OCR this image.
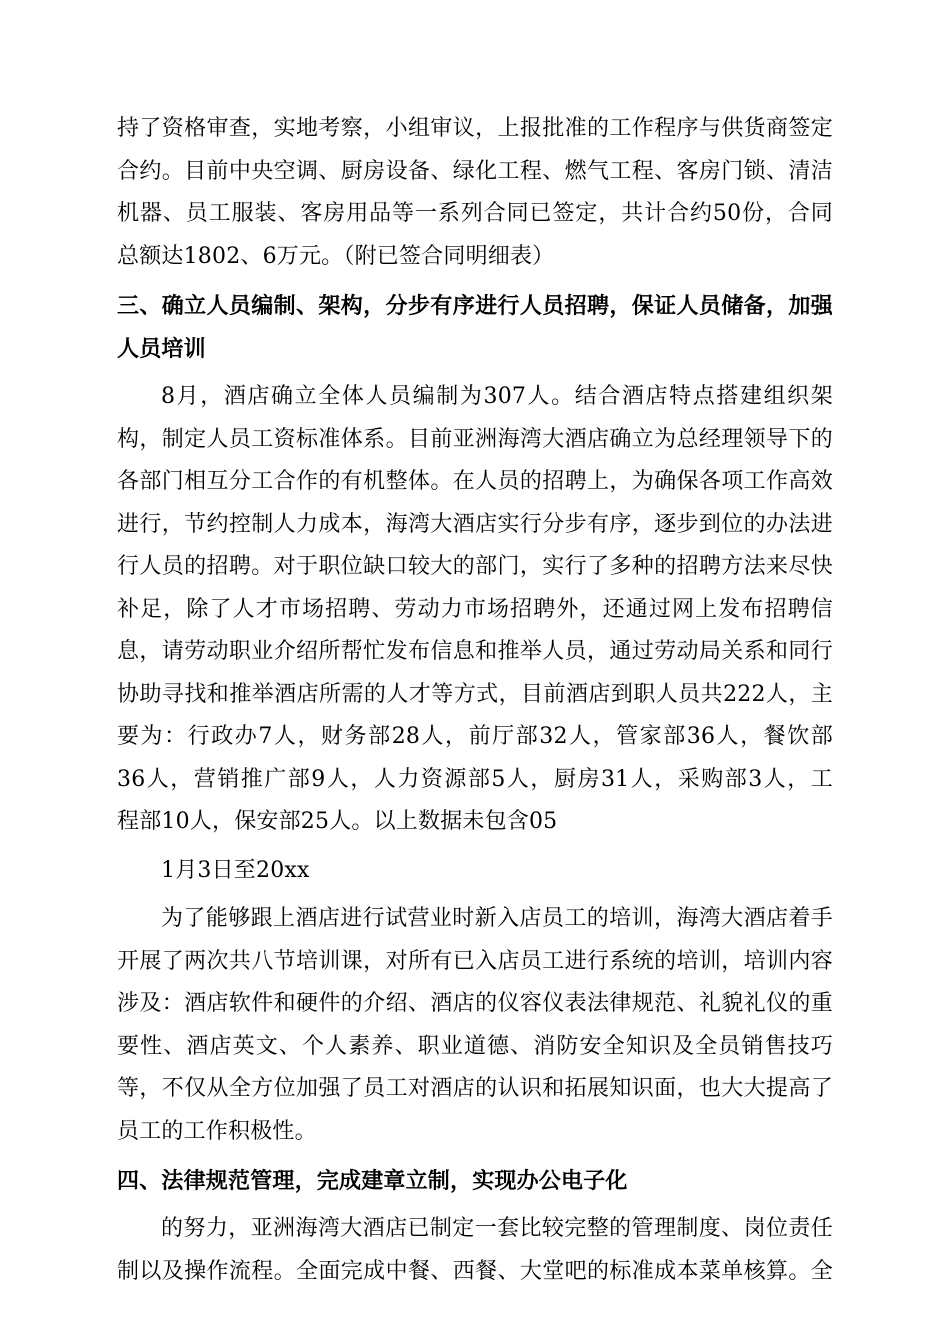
持了资格审查，实地考察，小组审议，上报批准的工作程序与供货商签定
合约。目前中央空调、厨房设备、绿化工程、燃气工程、客房门锁、清洁
机器、员工服装、客房用品等一系列合同已签定，共计合约50份，合同
总额达1802、6万元。（附已签合同明细表）
三、确立人员编制、架构，分步有序进行人员招聘，保证人员储备，加强
人员培训
8月，酒店确立全体人员编制为307人。结合酒店特点搭建组织架
构，制定人员工资标准体系。目前亚洲海湾大酒店确立为总经理领导下的
各部门相互分工合作的有机整体。在人员的招聘上，为确保各项工作高效
进行，节约控制人力成本，海湾大酒店实行分步有序，逐步到位的办法进
行人员的招聘。对于职位缺口较大的部门，实行了多种的招聘方法来尽快
补足，除了人才市场招聘、劳动力市场招聘外，还通过网上发布招聘信
息，请劳动职业介绍所帮忙发布信息和推举人员，通过劳动局关系和同行
协助寻找和推举酒店所需的人才等方式，目前酒店到职人员共222人，主
要为：行政办7人，财务部28人，前厅部32人，管家部36人，餐饮部
36人，营销推广部9人，人力资源部5人，厨房31人，采购部3人，工
程部10人，保安部25人。以上数据未包含05
1月3日至20xx
为了能够跟上酒店进行试营业时新入店员工的培训，海湾大酒店着手
开展了两次共八节培训课，对所有已入店员工进行系统的培训，培训内容
涉及：酒店软件和硬件的介绍、酒店的仪容仪表法律规范、礼貌礼仪的重
要性、酒店英文、个人素养、职业道德、消防安全知识及全员销售技巧
等，不仅从全方位加强了员工对酒店的认识和拓展知识面，也大大提高了
员工的工作积极性。
四、法律规范管理，完成建章立制，实现办公电子化
的努力，亚洲海湾大酒店已制定一套比较完整的管理制度、岗位责任
制以及操作流程。全面完成中餐、西餐、大堂吧的标准成本菜单核算。全
